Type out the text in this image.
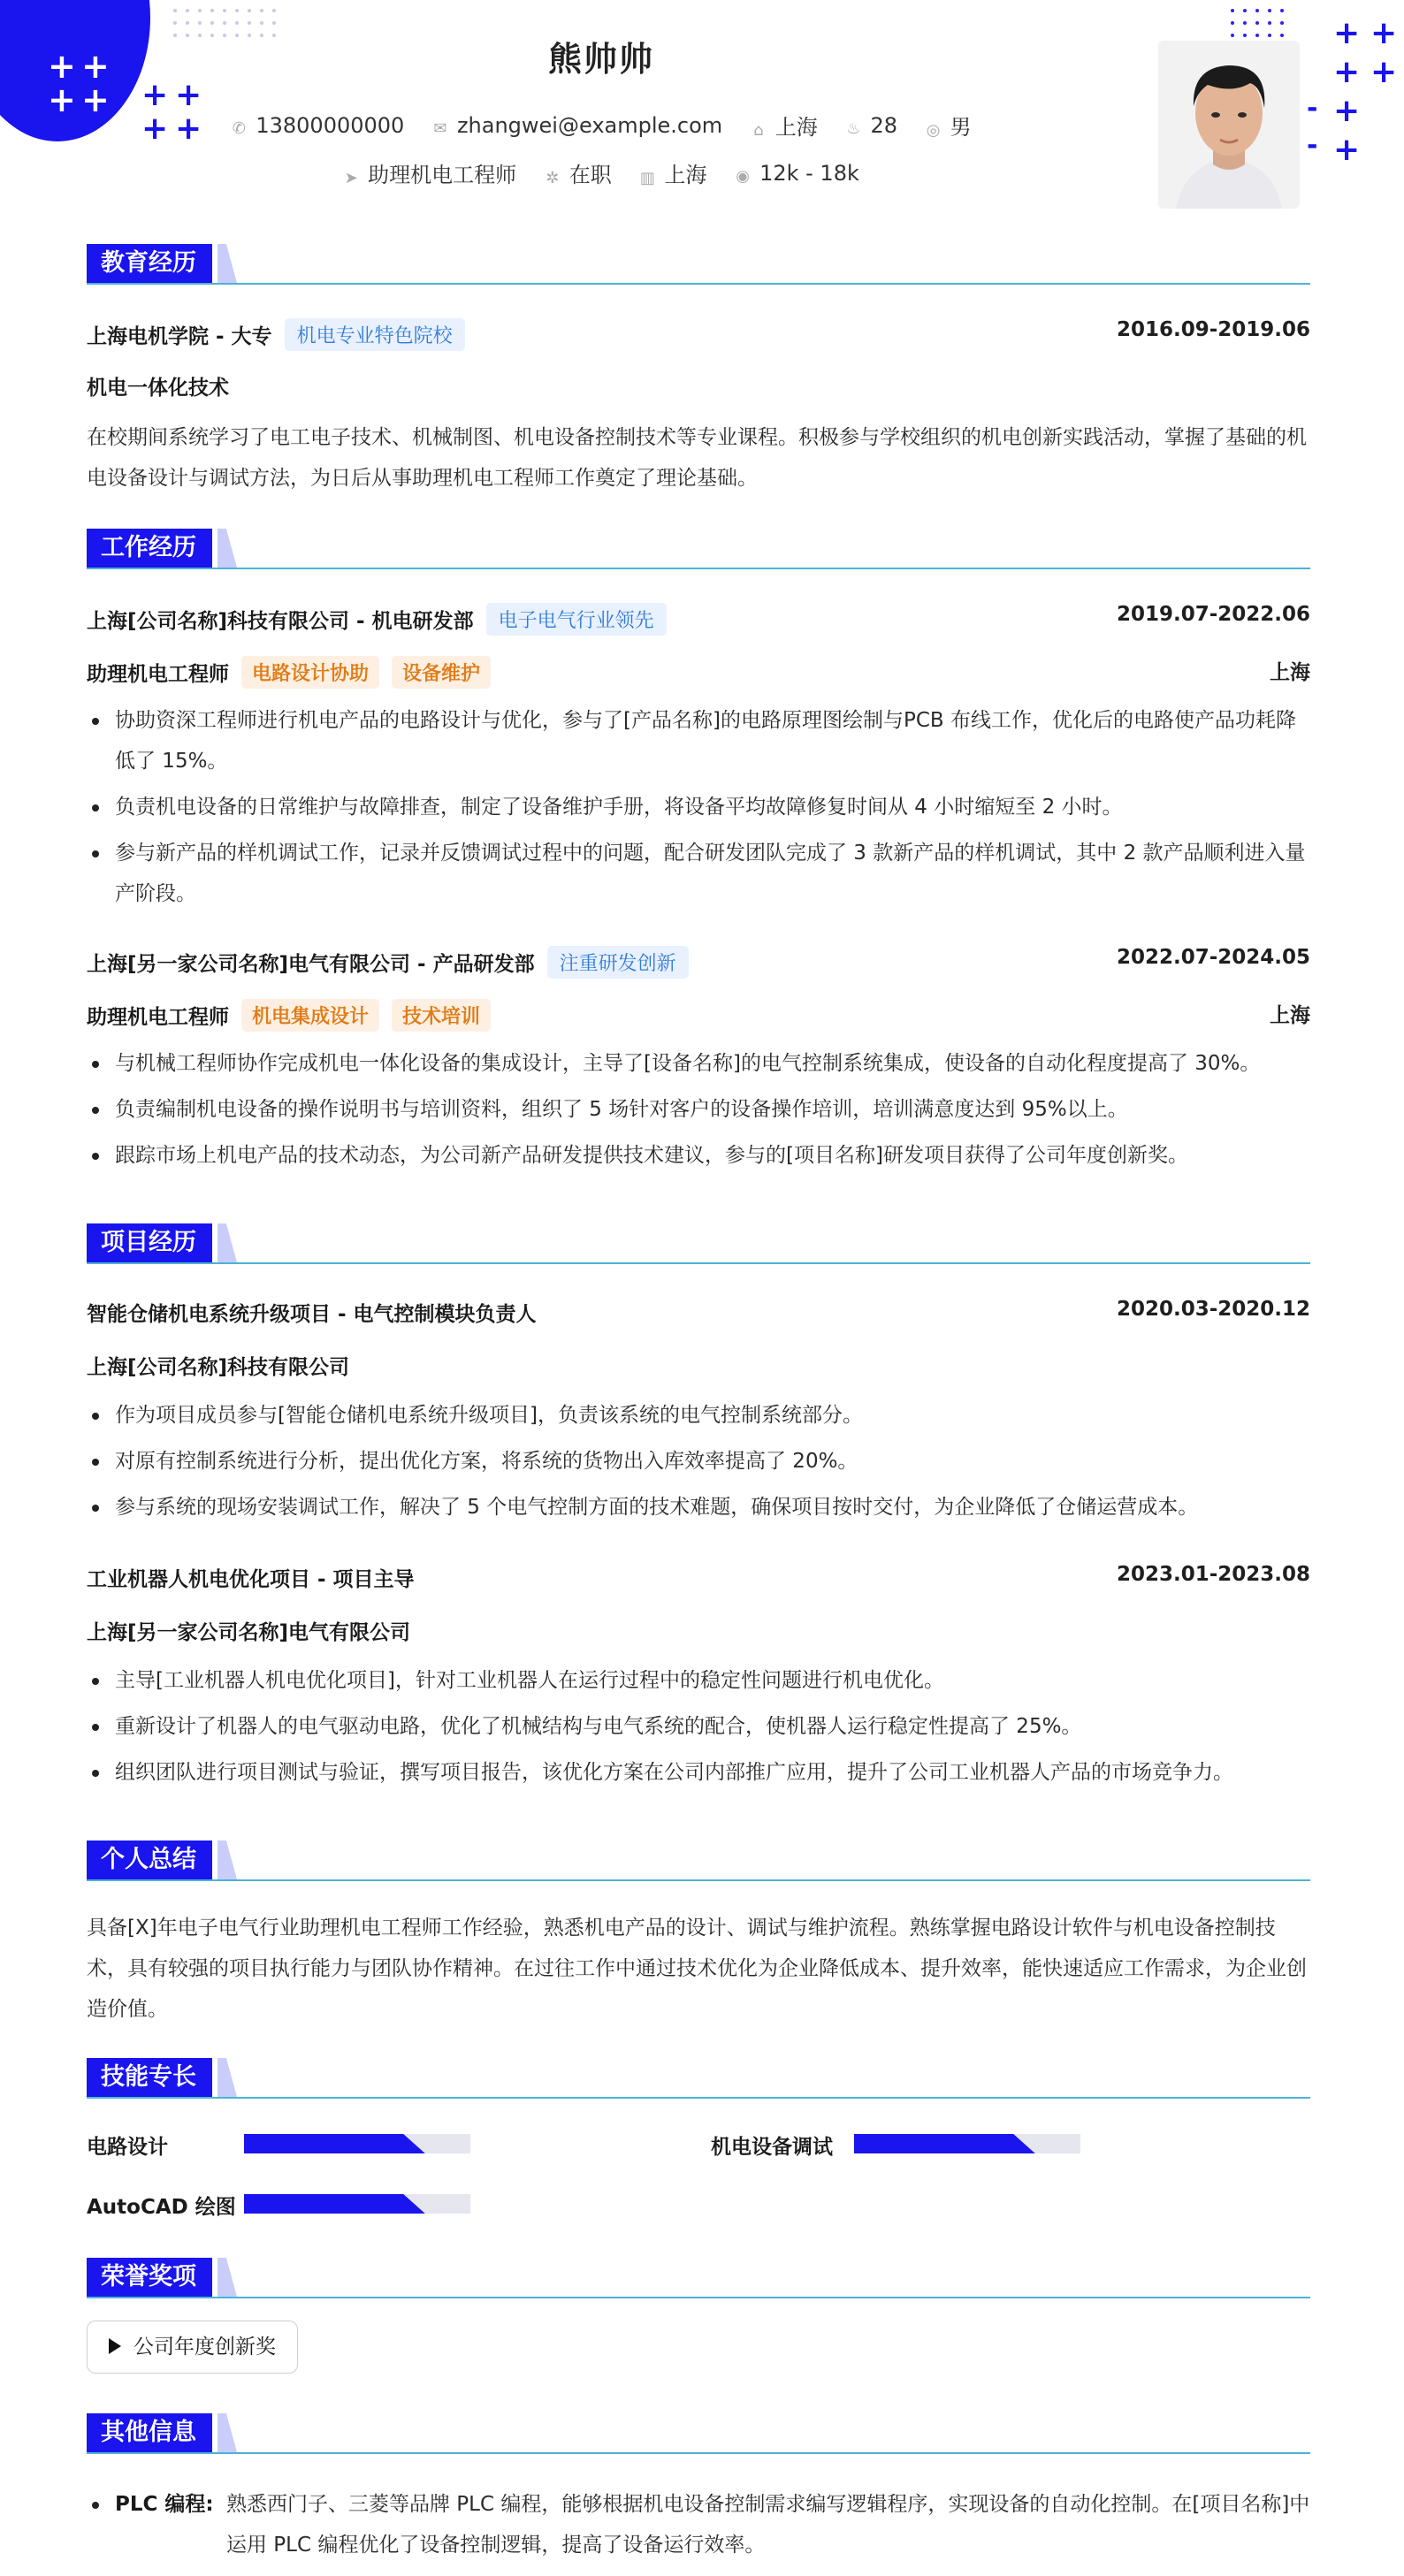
+ +
+ + + +
+ +
+ +
+ +
+
-
+
-
熊帅帅
✆ 13800000000 ✉ zhangwei@example.com ⌂ 上海 ♨ 28 ◎ 男
➤ 助理机电工程师 ✲ 在职 ▥ 上海 ◉ 12k - 18k
教育经历
上海电机学院 - 大专 机电专业特色院校	2016.09-2019.06
机电一体化技术
在校期间系统学习了电工电子技术、机械制图、机电设备控制技术等专业课程。积极参与学校组织的机电创新实践活动，掌握了基础的机电设备设计与调试方法，为日后从事助理机电工程师工作奠定了理论基础。
工作经历
上海[公司名称]科技有限公司 - 机电研发部 电子电气行业领先	2019.07-2022.06
助理机电工程师 电路设计协助 设备维护	上海
协助资深工程师进行机电产品的电路设计与优化，参与了[产品名称]的电路原理图绘制与PCB 布线工作，优化后的电路使产品功耗降低了 15%。
负责机电设备的日常维护与故障排查，制定了设备维护手册，将设备平均故障修复时间从 4 小时缩短至 2 小时。
参与新产品的样机调试工作，记录并反馈调试过程中的问题，配合研发团队完成了 3 款新产品的样机调试，其中 2 款产品顺利进入量产阶段。
上海[另一家公司名称]电气有限公司 - 产品研发部 注重研发创新	2022.07-2024.05
助理机电工程师 机电集成设计 技术培训	上海
与机械工程师协作完成机电一体化设备的集成设计，主导了[设备名称]的电气控制系统集成，使设备的自动化程度提高了 30%。
负责编制机电设备的操作说明书与培训资料，组织了 5 场针对客户的设备操作培训，培训满意度达到 95%以上。
跟踪市场上机电产品的技术动态，为公司新产品研发提供技术建议，参与的[项目名称]研发项目获得了公司年度创新奖。
项目经历
智能仓储机电系统升级项目 - 电气控制模块负责人	2020.03-2020.12
上海[公司名称]科技有限公司
作为项目成员参与[智能仓储机电系统升级项目]，负责该系统的电气控制系统部分。
对原有控制系统进行分析，提出优化方案，将系统的货物出入库效率提高了 20%。
参与系统的现场安装调试工作，解决了 5 个电气控制方面的技术难题，确保项目按时交付，为企业降低了仓储运营成本。
工业机器人机电优化项目 - 项目主导	2023.01-2023.08
上海[另一家公司名称]电气有限公司
主导[工业机器人机电优化项目]，针对工业机器人在运行过程中的稳定性问题进行机电优化。
重新设计了机器人的电气驱动电路，优化了机械结构与电气系统的配合，使机器人运行稳定性提高了 25%。
组织团队进行项目测试与验证，撰写项目报告，该优化方案在公司内部推广应用，提升了公司工业机器人产品的市场竞争力。
个人总结
具备[X]年电子电气行业助理机电工程师工作经验，熟悉机电产品的设计、调试与维护流程。熟练掌握电路设计软件与机电设备控制技术，具有较强的项目执行能力与团队协作精神。在过往工作中通过技术优化为企业降低成本、提升效率，能快速适应工作需求，为企业创造价值。
技能专长
电路设计	机电设备调试
AutoCAD 绘图
荣誉奖项
公司年度创新奖
其他信息
PLC 编程: 熟悉西门子、三菱等品牌 PLC 编程，能够根据机电设备控制需求编写逻辑程序，实现设备的自动化控制。在[项目名称]中运用 PLC 编程优化了设备控制逻辑，提高了设备运行效率。
